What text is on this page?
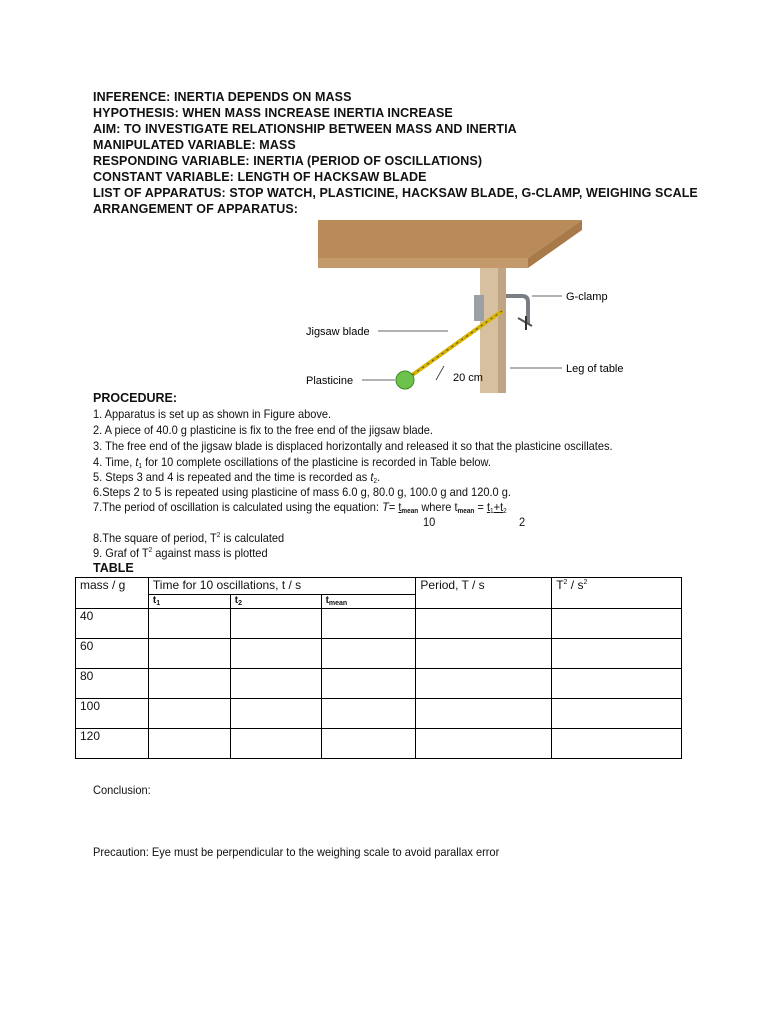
INFERENCE: INERTIA DEPENDS ON MASS
HYPOTHESIS: WHEN MASS INCREASE INERTIA INCREASE
AIM: TO INVESTIGATE RELATIONSHIP BETWEEN MASS AND INERTIA
MANIPULATED VARIABLE: MASS
RESPONDING VARIABLE: INERTIA (PERIOD OF OSCILLATIONS)
CONSTANT VARIABLE: LENGTH OF HACKSAW BLADE
LIST OF APPARATUS: STOP WATCH, PLASTICINE, HACKSAW BLADE, G-CLAMP, WEIGHING SCALE
ARRANGEMENT OF APPARATUS:
G-clamp
Jigsaw blade
Leg of table
Plasticine	20 cm
PROCEDURE:
1. Apparatus is set up as shown in Figure above.
2. A piece of 40.0 g plasticine is fix to the free end of the jigsaw blade.
3. The free end of the jigsaw blade is displaced horizontally and released it so that the plasticine oscillates.
4. Time, $t_1$ for 10 complete oscillations of the plasticine is recorded in Table below.
5. Steps 3 and 4 is repeated and the time is recorded as $t_2$.
6.Steps 2 to 5 is repeated using plasticine of mass 6.0 g, 80.0 g, 100.0 g and 120.0 g.
7.The period of oscillation is calculated using the equation: $T= t_{mean}$ where $t_{mean} = t_1+t_2$
10	2
8.The square of period, $T^2$ is calculated
9. Graf of $T^2$ against mass is plotted
TABLE
mass / g	Time for 10 oscillations, t / s			Period, T / s	$T^2 / s^2$
	$t_1$	$t_2$	$t_{mean}$
40					
60					
80					
100					
120					
Conclusion:
Precaution: Eye must be perpendicular to the weighing scale to avoid parallax error
